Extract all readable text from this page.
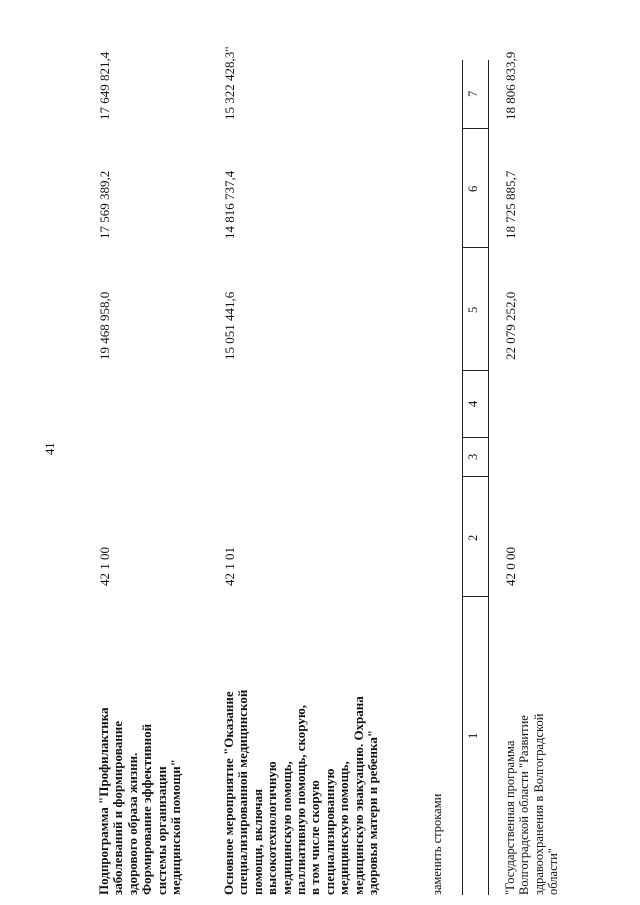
Подпрограмма "Профилактика
заболеваний и формирование
здорового образа жизни.
Формирование эффективной
системы организации
медицинской помощи"
42 1 00
19 468 958,0
17 569 389,2
17 649 821,4
Основное мероприятие "Оказание
специализированной медицинской
помощи, включая
высокотехнологичную
медицинскую помощь,
паллиативную помощь, скорую,
в том числе скорую
специализированную
медицинскую помощь,
медицинскую эвакуацию. Охрана
здоровья матери и ребенка"
42 1 01
15 051 441,6
14 816 737,4
15 322 428,3"
41
заменить строками
1
2
3
4
5
6
7
"Государственная программа
Волгоградской области "Развитие
здравоохранения в Волгоградской
области"
42 0 00
22 079 252,0
18 725 885,7
18 806 833,9
